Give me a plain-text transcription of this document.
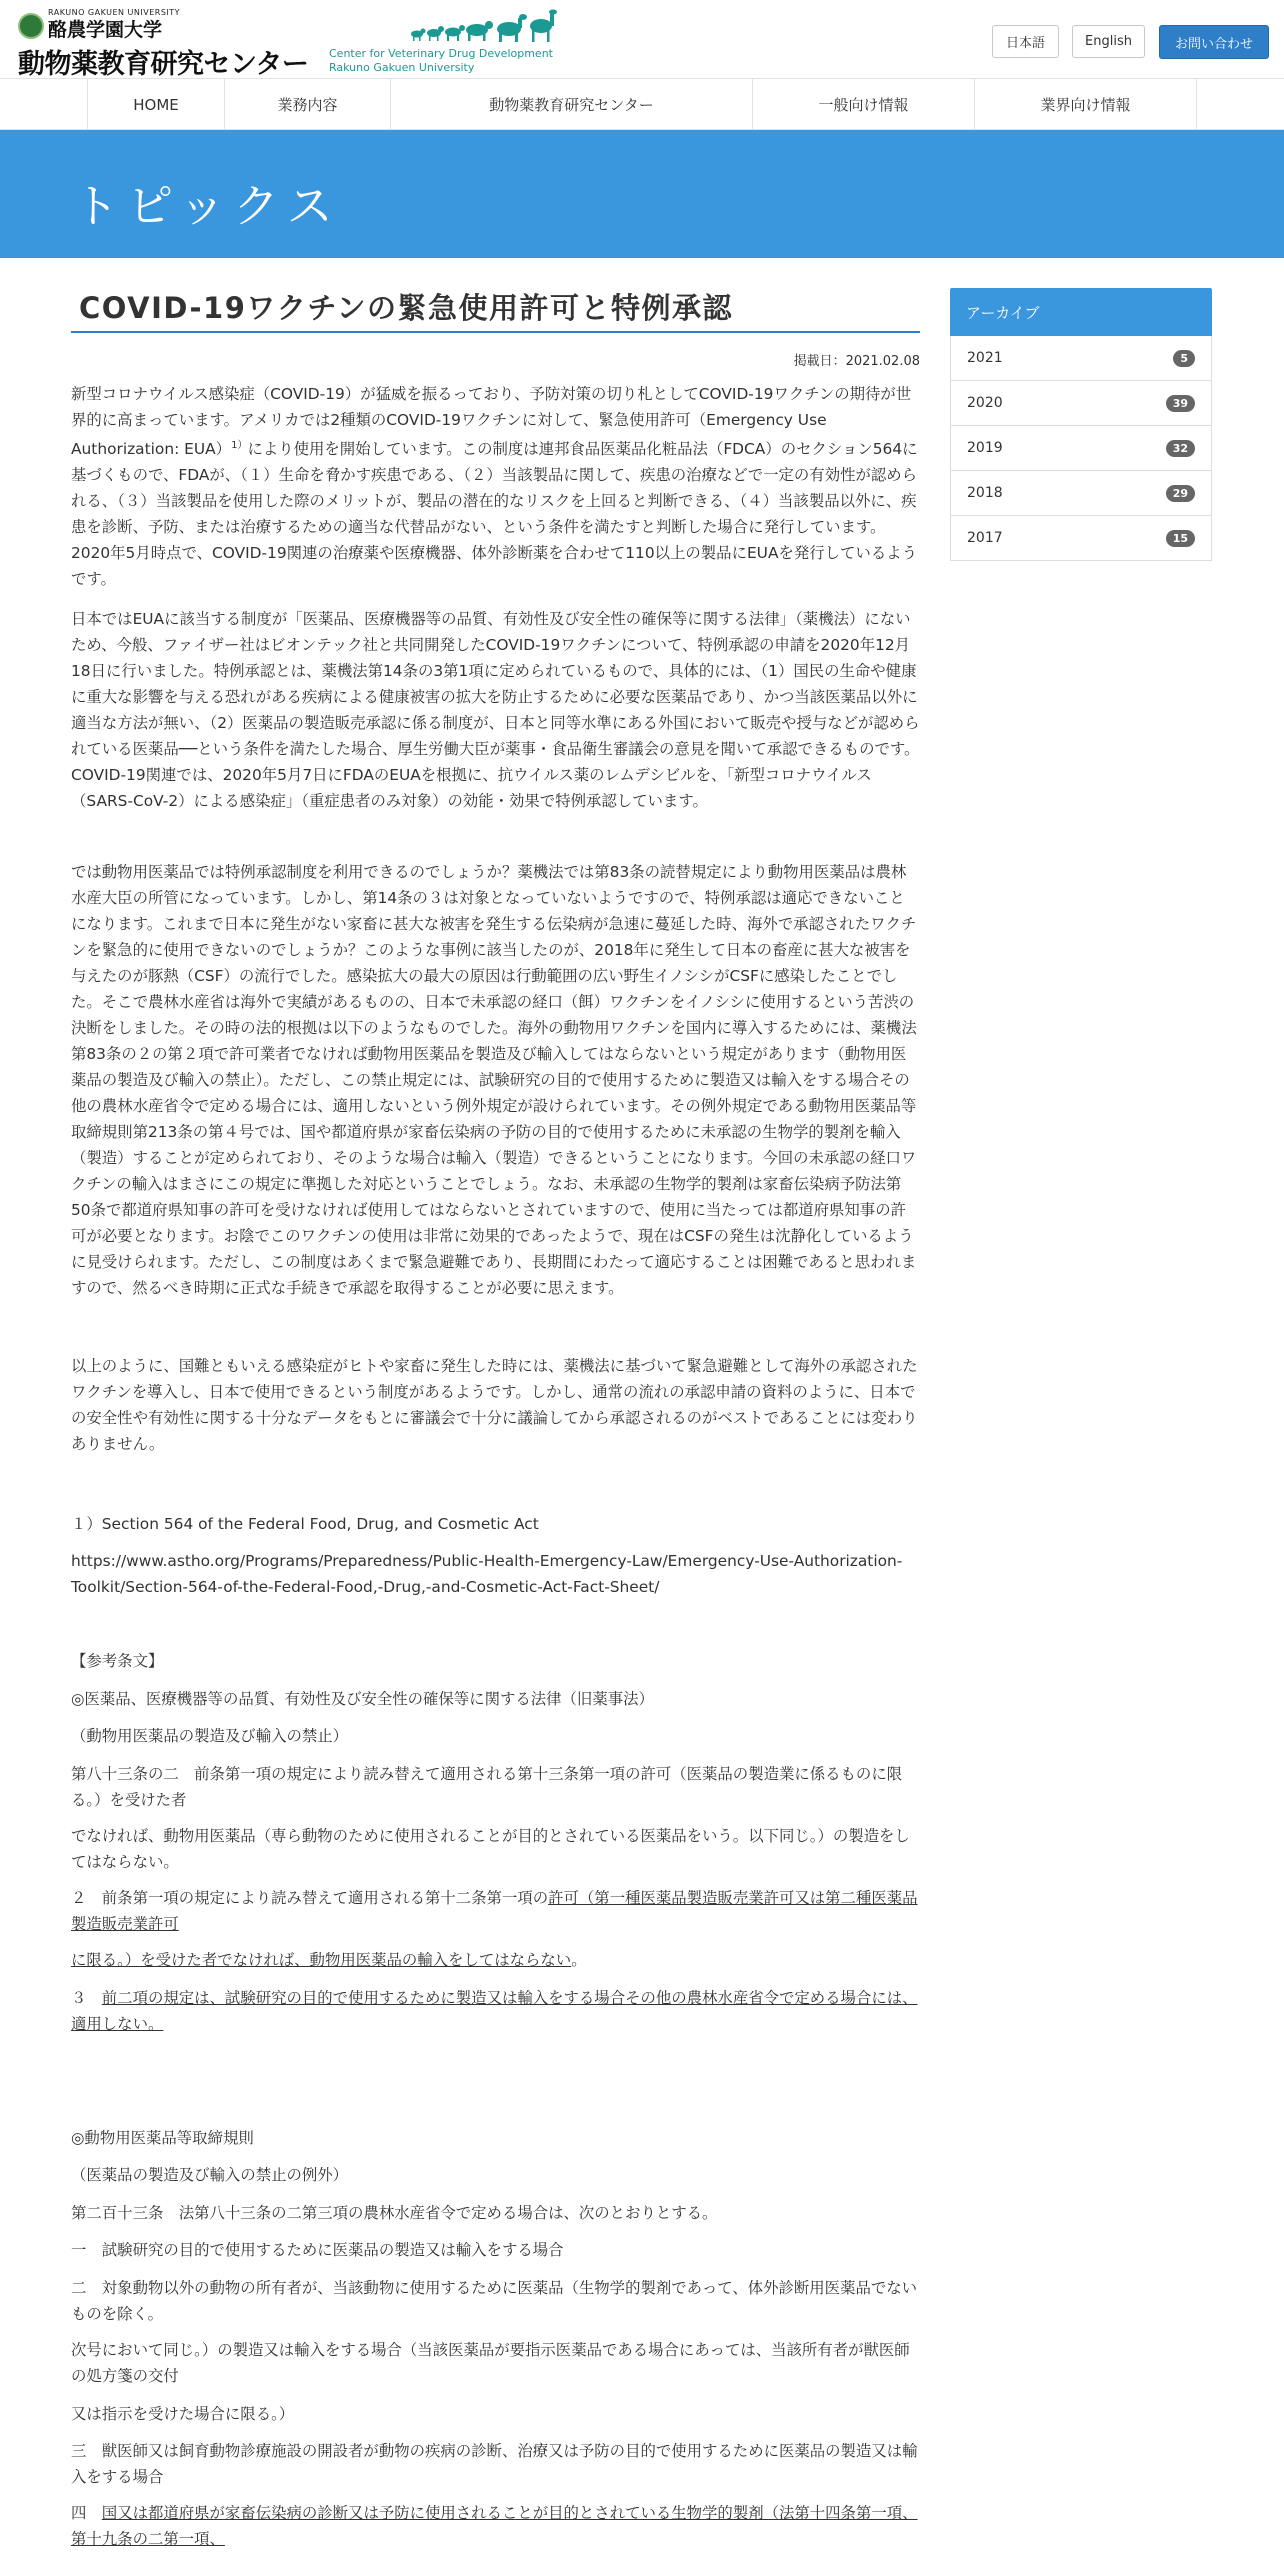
RAKUNO GAKUEN UNIVERSITY
酪農学園大学
動物薬教育研究センター Center for Veterinary Drug Development
Rakuno Gakuen University
日本語	English	お問い合わせ
HOME	業務内容	動物薬教育研究センター	一般向け情報	業界向け情報
トピックス
COVID-19ワクチンの緊急使用許可と特例承認
掲載日：2021.02.08
新型コロナウイルス感染症（COVID-19）が猛威を振るっており、予防対策の切り札としてCOVID-19ワクチンの期待が世界的に高まっています。アメリカでは2種類のCOVID-19ワクチンに対して、緊急使用許可（Emergency Use Authorization: EUA）$^{1)}$により使用を開始しています。この制度は連邦食品医薬品化粧品法（FDCA）のセクション564に基づくもので、FDAが、（１）生命を脅かす疾患である、（２）当該製品に関して、疾患の治療などで一定の有効性が認められる、（３）当該製品を使用した際のメリットが、製品の潜在的なリスクを上回ると判断できる、（４）当該製品以外に、疾患を診断、予防、または治療するための適当な代替品がない、という条件を満たすと判断した場合に発行しています。2020年5月時点で、COVID-19関連の治療薬や医療機器、体外診断薬を合わせて110以上の製品にEUAを発行しているようです。
日本ではEUAに該当する制度が「医薬品、医療機器等の品質、有効性及び安全性の確保等に関する法律」（薬機法）にないため、今般、ファイザー社はビオンテック社と共同開発したCOVID-19ワクチンについて、特例承認の申請を2020年12月18日に行いました。特例承認とは、薬機法第14条の3第1項に定められているもので、具体的には、（1）国民の生命や健康に重大な影響を与える恐れがある疾病による健康被害の拡大を防止するために必要な医薬品であり、かつ当該医薬品以外に適当な方法が無い、（2）医薬品の製造販売承認に係る制度が、日本と同等水準にある外国において販売や授与などが認められている医薬品──という条件を満たした場合、厚生労働大臣が薬事・食品衛生審議会の意見を聞いて承認できるものです。COVID-19関連では、2020年5月7日にFDAのEUAを根拠に、抗ウイルス薬のレムデシビルを、「新型コロナウイルス（SARS-CoV-2）による感染症」（重症患者のみ対象）の効能・効果で特例承認しています。
では動物用医薬品では特例承認制度を利用できるのでしょうか？薬機法では第83条の読替規定により動物用医薬品は農林水産大臣の所管になっています。しかし、第14条の３は対象となっていないようですので、特例承認は適応できないことになります。これまで日本に発生がない家畜に甚大な被害を発生する伝染病が急速に蔓延した時、海外で承認されたワクチンを緊急的に使用できないのでしょうか？このような事例に該当したのが、2018年に発生して日本の畜産に甚大な被害を与えたのが豚熱（CSF）の流行でした。感染拡大の最大の原因は行動範囲の広い野生イノシシがCSFに感染したことでした。そこで農林水産省は海外で実績があるものの、日本で未承認の経口（餌）ワクチンをイノシシに使用するという苦渋の決断をしました。その時の法的根拠は以下のようなものでした。海外の動物用ワクチンを国内に導入するためには、薬機法第83条の２の第２項で許可業者でなければ動物用医薬品を製造及び輸入してはならないという規定があります（動物用医薬品の製造及び輸入の禁止）。ただし、この禁止規定には、試験研究の目的で使用するために製造又は輸入をする場合その他の農林水産省令で定める場合には、適用しないという例外規定が設けられています。その例外規定である動物用医薬品等取締規則第213条の第４号では、国や都道府県が家畜伝染病の予防の目的で使用するために未承認の生物学的製剤を輸入（製造）することが定められており、そのような場合は輸入（製造）できるということになります。今回の未承認の経口ワクチンの輸入はまさにこの規定に準拠した対応ということでしょう。なお、未承認の生物学的製剤は家畜伝染病予防法第50条で都道府県知事の許可を受けなければ使用してはならないとされていますので、使用に当たっては都道府県知事の許可が必要となります。お陰でこのワクチンの使用は非常に効果的であったようで、現在はCSFの発生は沈静化しているように見受けられます。ただし、この制度はあくまで緊急避難であり、長期間にわたって適応することは困難であると思われますので、然るべき時期に正式な手続きで承認を取得することが必要に思えます。
以上のように、国難ともいえる感染症がヒトや家畜に発生した時には、薬機法に基づいて緊急避難として海外の承認されたワクチンを導入し、日本で使用できるという制度があるようです。しかし、通常の流れの承認申請の資料のように、日本での安全性や有効性に関する十分なデータをもとに審議会で十分に議論してから承認されるのがベストであることには変わりありません。
１）Section 564 of the Federal Food, Drug, and Cosmetic Act
https://www.astho.org/Programs/Preparedness/Public-Health-Emergency-Law/Emergency-Use-Authorization-Toolkit/Section-564-of-the-Federal-Food,-Drug,-and-Cosmetic-Act-Fact-Sheet/
【参考条文】
◎医薬品、医療機器等の品質、有効性及び安全性の確保等に関する法律（旧薬事法）
（動物用医薬品の製造及び輸入の禁止）
第八十三条の二　前条第一項の規定により読み替えて適用される第十三条第一項の許可（医薬品の製造業に係るものに限る。）を受けた者
でなければ、動物用医薬品（専ら動物のために使用されることが目的とされている医薬品をいう。以下同じ。）の製造をしてはならない。
２　前条第一項の規定により読み替えて適用される第十二条第一項の許可（第一種医薬品製造販売業許可又は第二種医薬品製造販売業許可
に限る。）を受けた者でなければ、動物用医薬品の輸入をしてはならない。
３　前二項の規定は、試験研究の目的で使用するために製造又は輸入をする場合その他の農林水産省令で定める場合には、適用しない。
◎動物用医薬品等取締規則
（医薬品の製造及び輸入の禁止の例外）
第二百十三条　法第八十三条の二第三項の農林水産省令で定める場合は、次のとおりとする。
一　試験研究の目的で使用するために医薬品の製造又は輸入をする場合
二　対象動物以外の動物の所有者が、当該動物に使用するために医薬品（生物学的製剤であって、体外診断用医薬品でないものを除く。
次号において同じ。）の製造又は輸入をする場合（当該医薬品が要指示医薬品である場合にあっては、当該所有者が獣医師の処方箋の交付
又は指示を受けた場合に限る。）
三　獣医師又は飼育動物診療施設の開設者が動物の疾病の診断、治療又は予防の目的で使用するために医薬品の製造又は輸入をする場合
四　国又は都道府県が家畜伝染病の診断又は予防に使用されることが目的とされている生物学的製剤（法第十四条第一項、第十九条の二第一項、
アーカイブ
2021	5
2020	39
2019	32
2018	29
2017	15
